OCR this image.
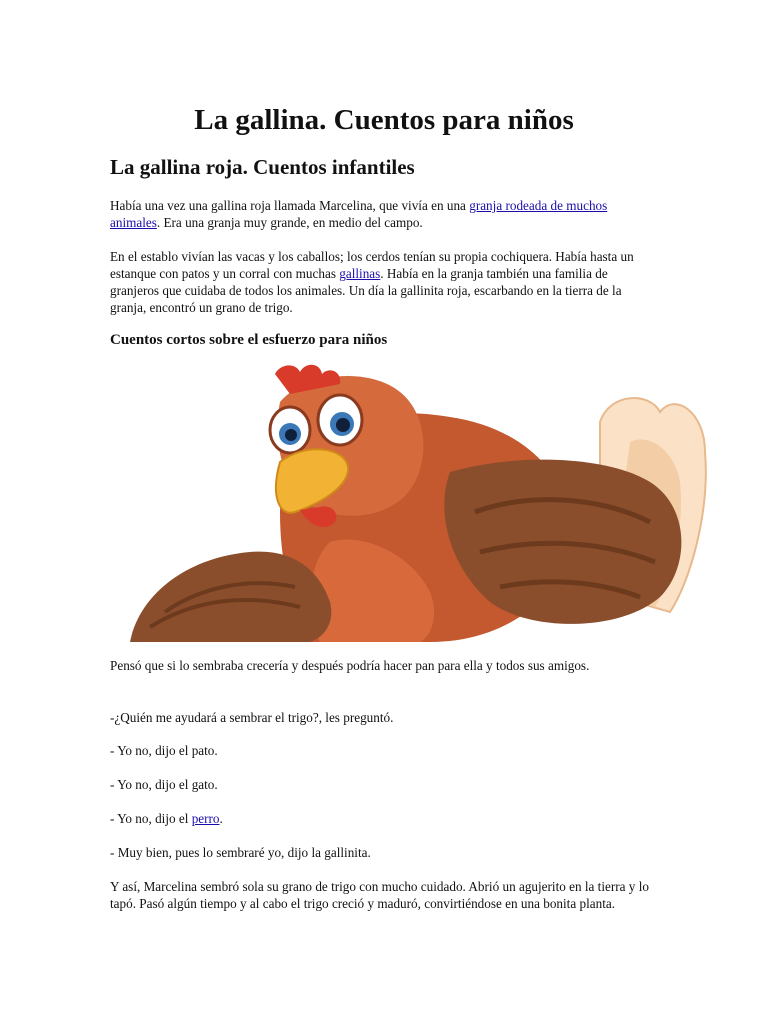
La gallina. Cuentos para niños
La gallina roja. Cuentos infantiles

Había una vez una gallina roja llamada Marcelina, que vivía en una granja rodeada de muchos animales. Era una granja muy grande, en medio del campo.

En el establo vivían las vacas y los caballos; los cerdos tenían su propia cochiquera. Había hasta un estanque con patos y un corral con muchas gallinas. Había en la granja también una familia de granjeros que cuidaba de todos los animales. Un día la gallinita roja, escarbando en la tierra de la granja, encontró un grano de trigo.

Cuentos cortos sobre el esfuerzo para niños

Pensó que si lo sembraba crecería y después podría hacer pan para ella y todos sus amigos.

-¿Quién me ayudará a sembrar el trigo?, les preguntó.

- Yo no, dijo el pato.

- Yo no, dijo el gato.

- Yo no, dijo el perro.

- Muy bien, pues lo sembraré yo, dijo la gallinita.

Y así, Marcelina sembró sola su grano de trigo con mucho cuidado. Abrió un agujerito en la tierra y lo tapó. Pasó algún tiempo y al cabo el trigo creció y maduró, convirtiéndose en una bonita planta.
